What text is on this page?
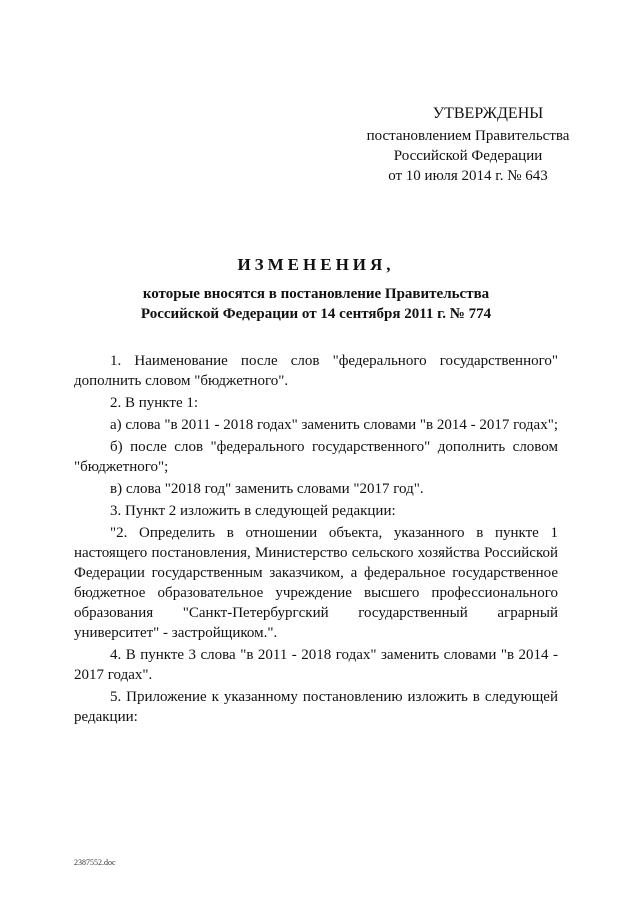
УТВЕРЖДЕНЫ
постановлением Правительства
Российской Федерации
от 10 июля 2014 г. № 643
ИЗМЕНЕНИЯ,
которые вносятся в постановление Правительства
Российской Федерации от 14 сентября 2011 г. № 774

1. Наименование после слов "федерального государственного" дополнить словом "бюджетного".

2. В пункте 1:

а) слова "в 2011 - 2018 годах" заменить словами "в 2014 - 2017 годах";

б) после слов "федерального государственного" дополнить словом "бюджетного";

в) слова "2018 год" заменить словами "2017 год".

3. Пункт 2 изложить в следующей редакции:

"2. Определить в отношении объекта, указанного в пункте 1 настоящего постановления, Министерство сельского хозяйства Российской Федерации государственным заказчиком, а федеральное государственное бюджетное образовательное учреждение высшего профессионального образования "Санкт-Петербургский государственный аграрный университет" - застройщиком.".

4. В пункте 3 слова "в 2011 - 2018 годах" заменить словами "в 2014 - 2017 годах".

5. Приложение к указанному постановлению изложить в следующей редакции:

2387552.doc
